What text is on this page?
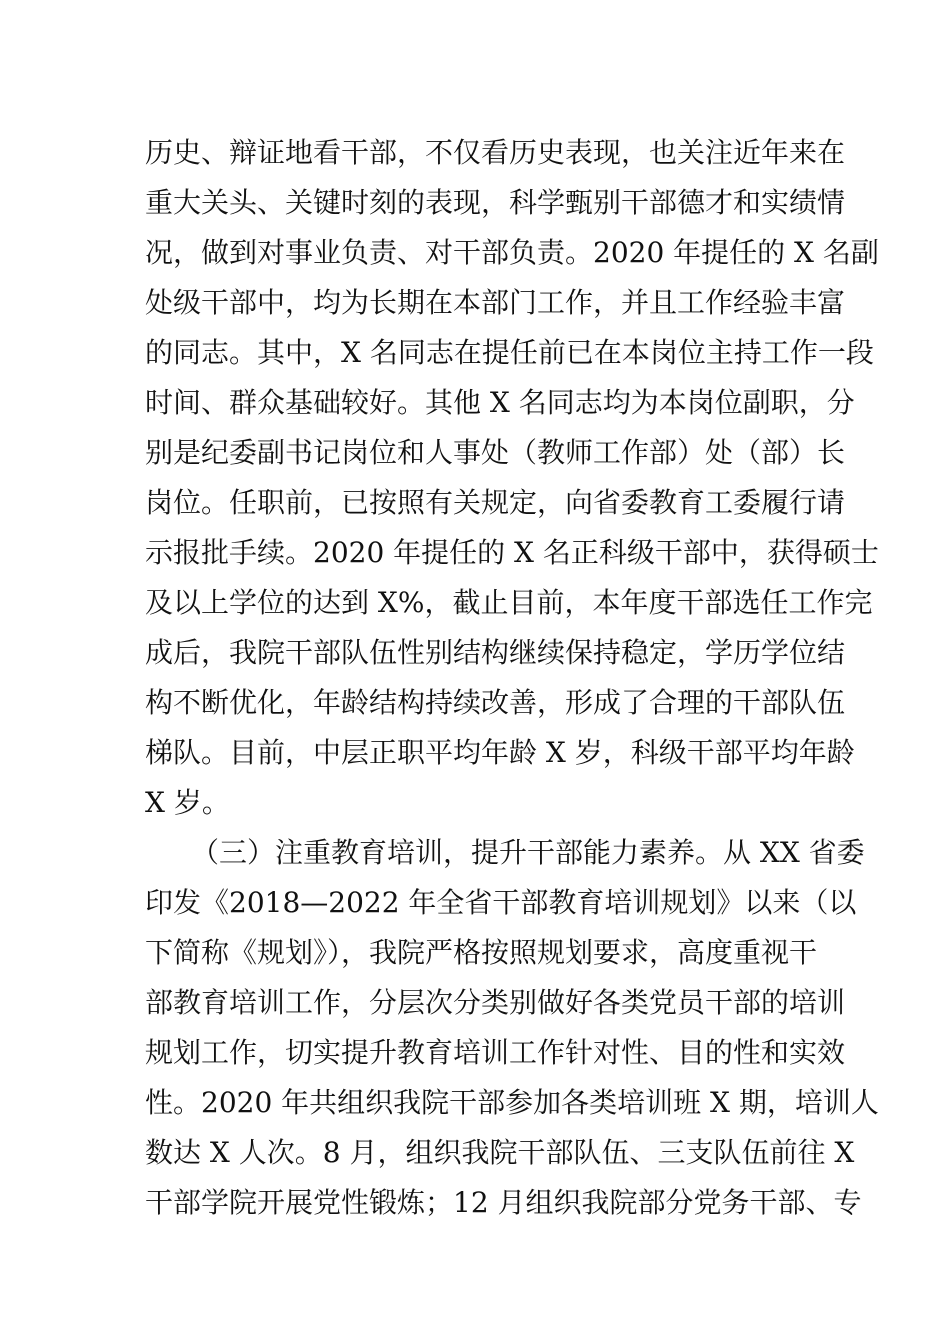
历史、辩证地看干部，不仅看历史表现，也关注近年来在
重大关头、关键时刻的表现，科学甄别干部德才和实绩情
况，做到对事业负责、对干部负责。2020 年提任的 X 名副
处级干部中，均为长期在本部门工作，并且工作经验丰富
的同志。其中，X 名同志在提任前已在本岗位主持工作一段
时间、群众基础较好。其他 X 名同志均为本岗位副职，分
别是纪委副书记岗位和人事处（教师工作部）处（部）长
岗位。任职前，已按照有关规定，向省委教育工委履行请
示报批手续。2020 年提任的 X 名正科级干部中，获得硕士
及以上学位的达到 X%，截止目前，本年度干部选任工作完
成后，我院干部队伍性别结构继续保持稳定，学历学位结
构不断优化，年龄结构持续改善，形成了合理的干部队伍
梯队。目前，中层正职平均年龄 X 岁，科级干部平均年龄
X 岁。
（三）注重教育培训，提升干部能力素养。从 XX 省委
印发《2018—2022 年全省干部教育培训规划》以来（以
下简称《规划》），我院严格按照规划要求，高度重视干
部教育培训工作，分层次分类别做好各类党员干部的培训
规划工作，切实提升教育培训工作针对性、目的性和实效
性。2020 年共组织我院干部参加各类培训班 X 期，培训人
数达 X 人次。8 月，组织我院干部队伍、三支队伍前往 X
干部学院开展党性锻炼；12 月组织我院部分党务干部、专
